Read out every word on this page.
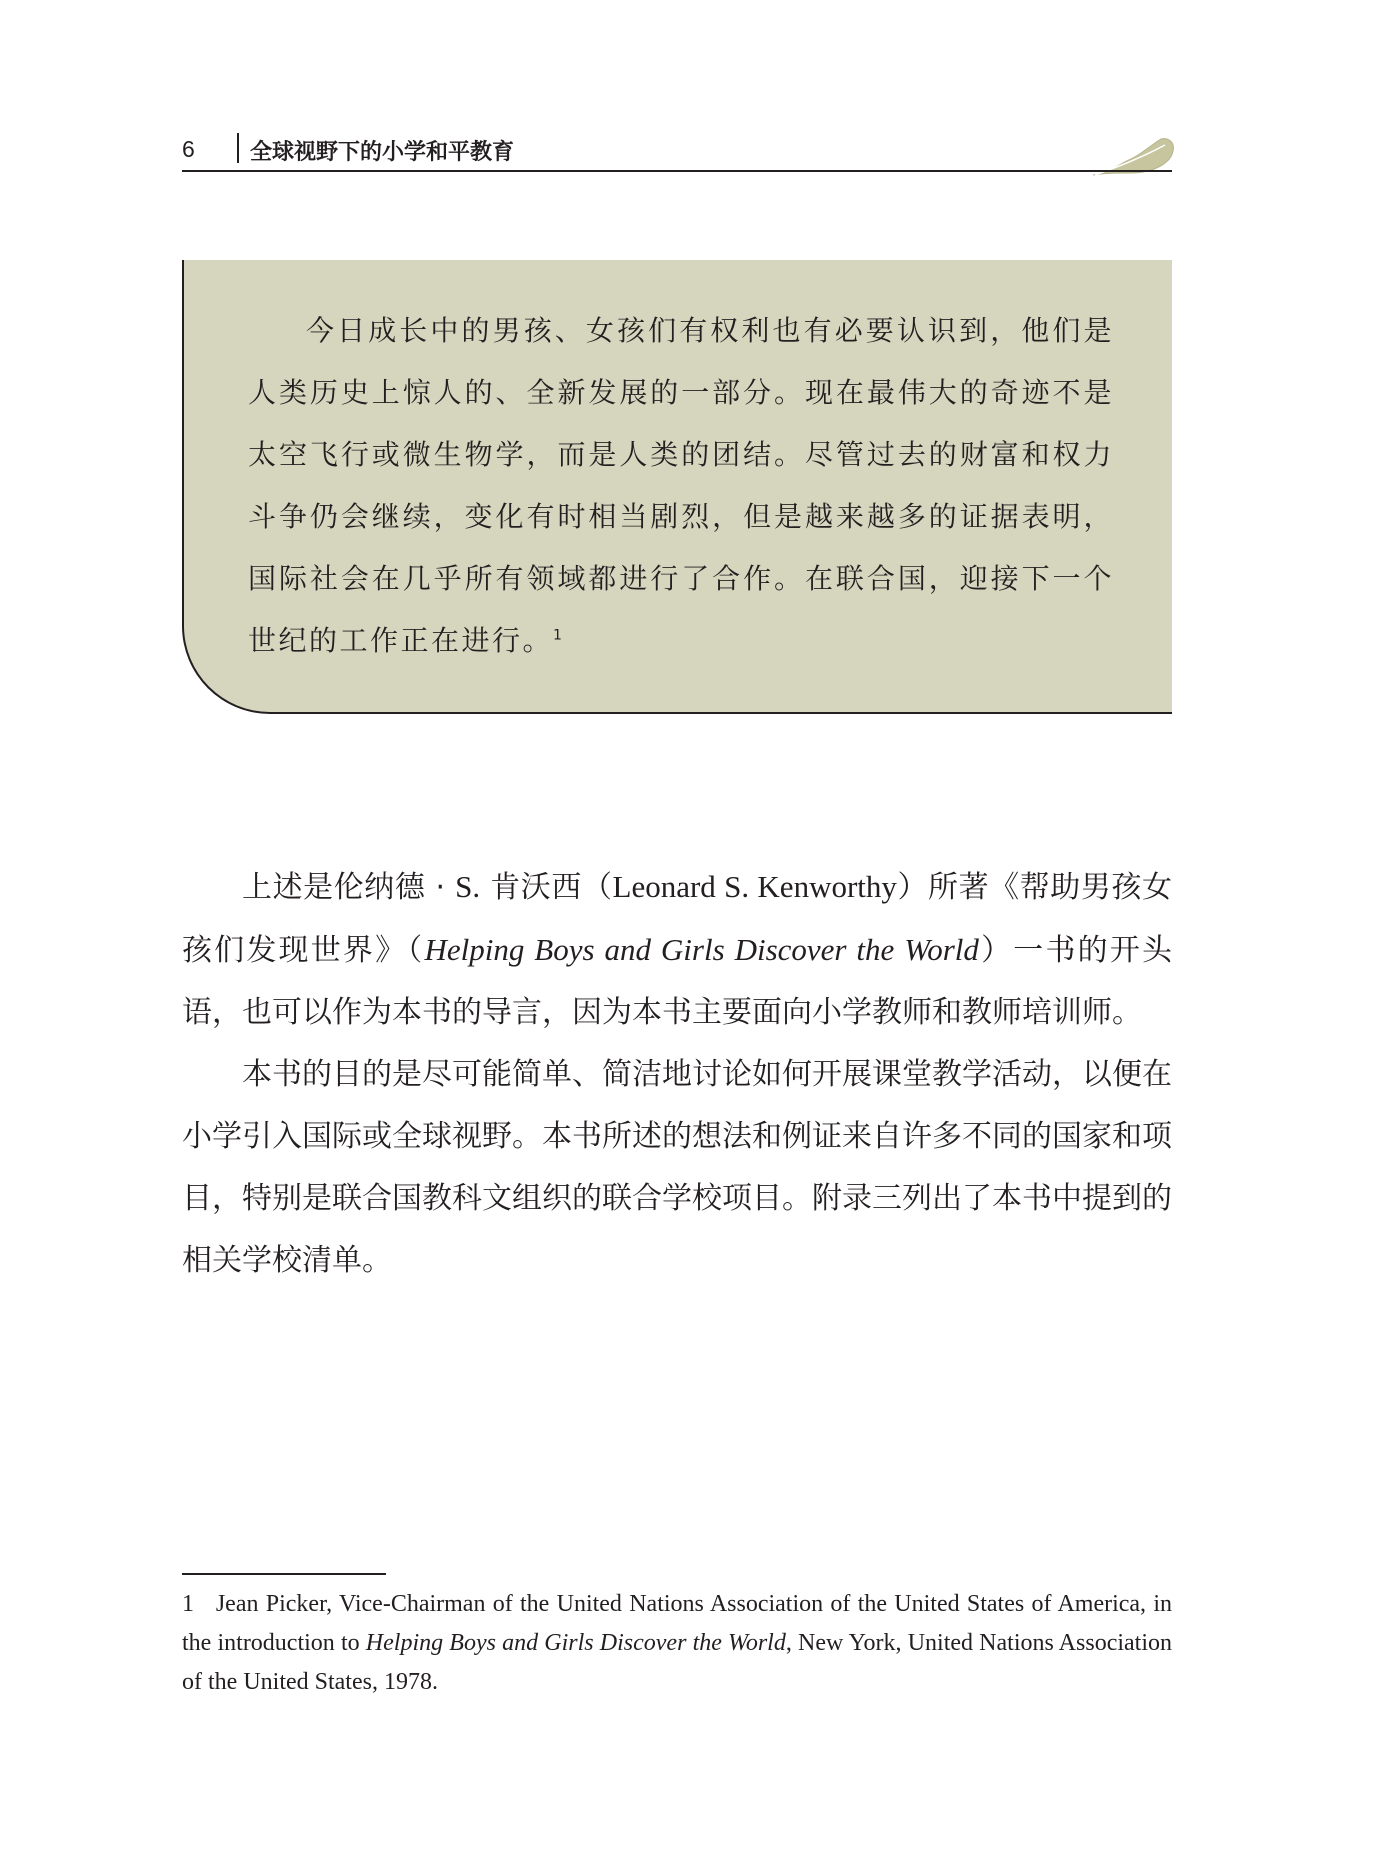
6	全球视野下的小学和平教育
今日成长中的男孩、女孩们有权利也有必要认识到，他们是人类历史上惊人的、全新发展的一部分。现在最伟大的奇迹不是太空飞行或微生物学，而是人类的团结。尽管过去的财富和权力斗争仍会继续，变化有时相当剧烈，但是越来越多的证据表明，国际社会在几乎所有领域都进行了合作。在联合国，迎接下一个世纪的工作正在进行。$^1$

上述是伦纳德 · S. 肯沃西（Leonard S. Kenworthy）所著《帮助男孩女孩们发现世界》（Helping Boys and Girls Discover the World）一书的开头语，也可以作为本书的导言，因为本书主要面向小学教师和教师培训师。

本书的目的是尽可能简单、简洁地讨论如何开展课堂教学活动，以便在小学引入国际或全球视野。本书所述的想法和例证来自许多不同的国家和项目，特别是联合国教科文组织的联合学校项目。附录三列出了本书中提到的相关学校清单。

1 Jean Picker, Vice-Chairman of the United Nations Association of the United States of America, in the introduction to Helping Boys and Girls Discover the World, New York, United Nations Association of the United States, 1978.
